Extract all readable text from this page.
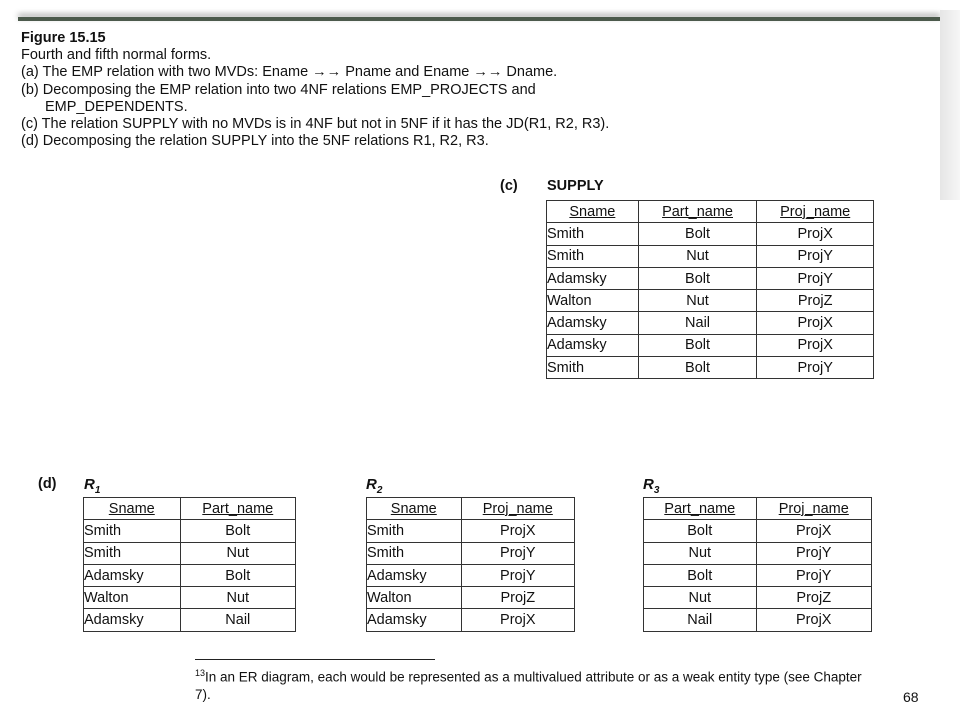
Figure 15.15
Fourth and fifth normal forms.
(a) The EMP relation with two MVDs: Ename →→ Pname and Ename →→ Dname.
(b) Decomposing the EMP relation into two 4NF relations EMP_PROJECTS and
EMP_DEPENDENTS.
(c) The relation SUPPLY with no MVDs is in 4NF but not in 5NF if it has the JD(R1, R2, R3).
(d) Decomposing the relation SUPPLY into the 5NF relations R1, R2, R3.
(c) SUPPLY
Sname	Part_name	Proj_name
Smith	Bolt	ProjX
Smith	Nut	ProjY
Adamsky	Bolt	ProjY
Walton	Nut	ProjZ
Adamsky	Nail	ProjX
Adamsky	Bolt	ProjX
Smith	Bolt	ProjY
(d) $R_1$
Sname	Part_name
Smith	Bolt
Smith	Nut
Adamsky	Bolt
Walton	Nut
Adamsky	Nail
$R_2$
Sname	Proj_name
Smith	ProjX
Smith	ProjY
Adamsky	ProjY
Walton	ProjZ
Adamsky	ProjX
$R_3$
Part_name	Proj_name
Bolt	ProjX
Nut	ProjY
Bolt	ProjY
Nut	ProjZ
Nail	ProjX
$^{13}$In an ER diagram, each would be represented as a multivalued attribute or as a weak entity type (see Chapter 7).	68
